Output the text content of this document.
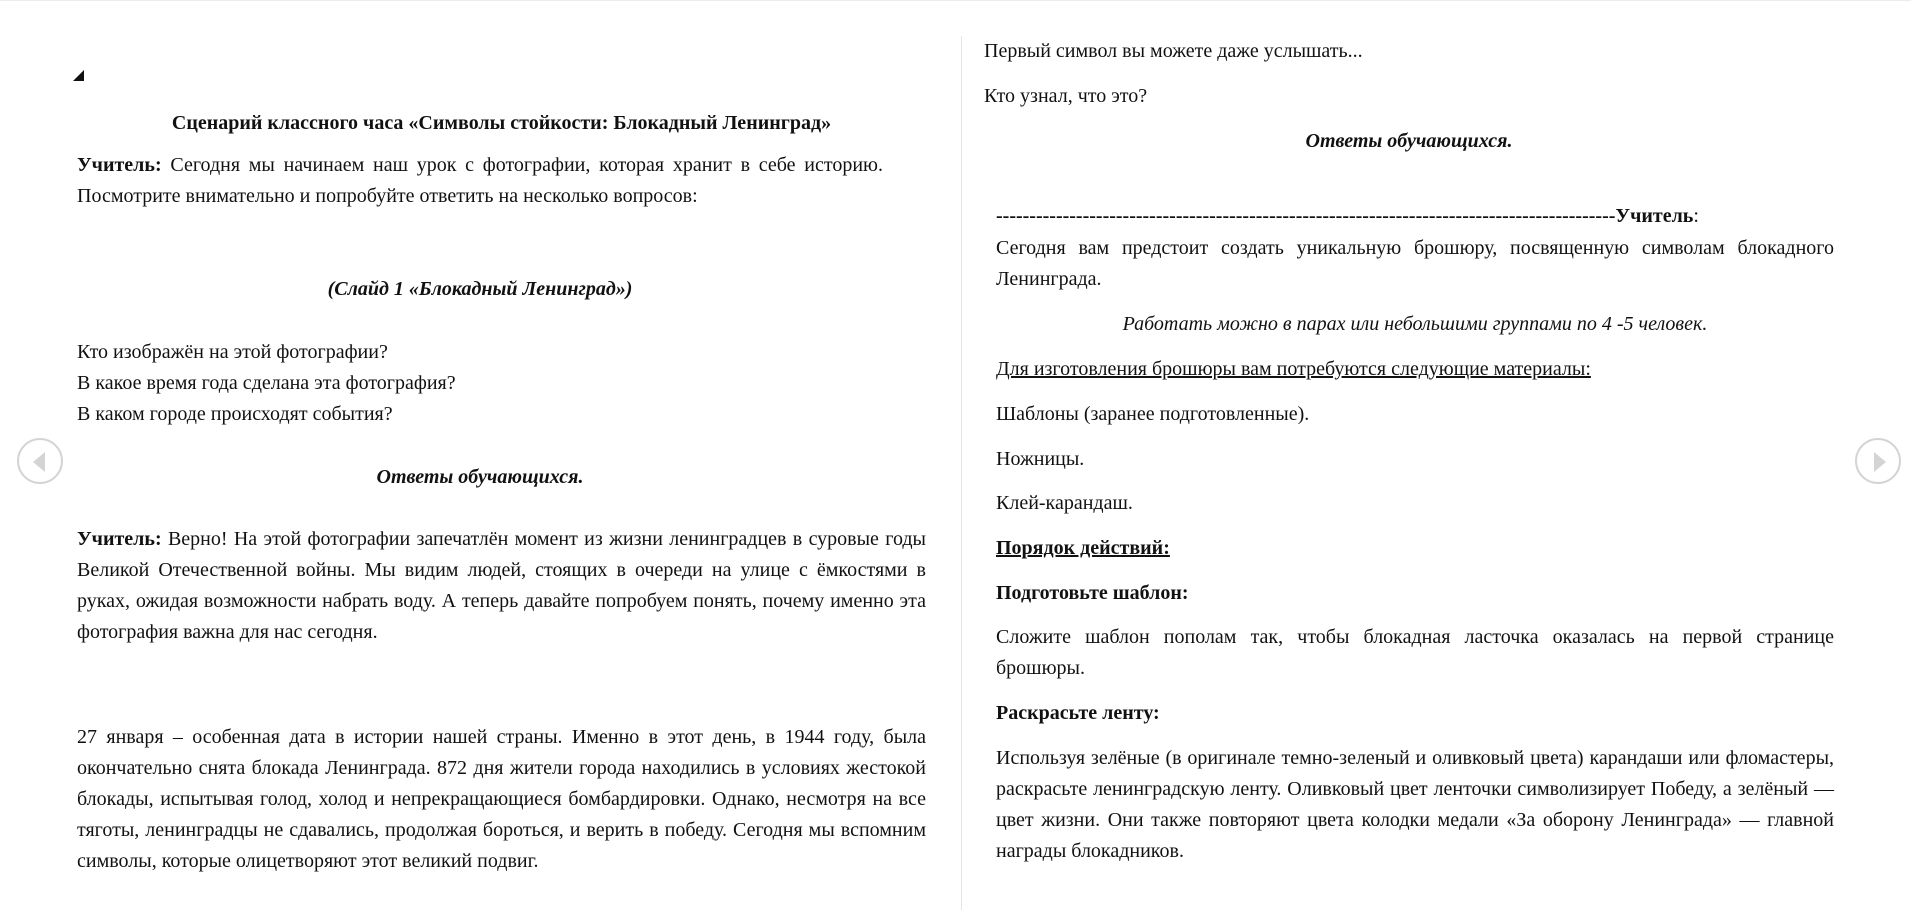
Сценарий классного часа «Символы стойкости: Блокадный Ленинград»

Учитель: Сегодня мы начинаем наш урок с фотографии, которая хранит в себе историю. Посмотрите внимательно и попробуйте ответить на несколько вопросов:

(Слайд 1 «Блокадный Ленинград»)
Кто изображён на этой фотографии?
В какое время года сделана эта фотография?
В каком городе происходят события?
Ответы обучающихся.

Учитель: Верно! На этой фотографии запечатлён момент из жизни ленинградцев в суровые годы Великой Отечественной войны. Мы видим людей, стоящих в очереди на улице с ёмкостями в руках, ожидая возможности набрать воду. А теперь давайте попробуем понять, почему именно эта фотография важна для нас сегодня.

27 января – особенная дата в истории нашей страны. Именно в этот день, в 1944 году, была окончательно снята блокада Ленинграда. 872 дня жители города находились в условиях жестокой блокады, испытывая голод, холод и непрекращающиеся бомбардировки. Однако, несмотря на все тяготы, ленинградцы не сдавались, продолжая бороться, и верить в победу. Сегодня мы вспомним символы, которые олицетворяют этот великий подвиг.

Первый символ вы можете даже услышать...
Кто узнал, что это?
Ответы обучающихся.
---------------------------------------------------------------------------------------------Учитель:

Сегодня вам предстоит создать уникальную брошюру, посвященную символам блокадного Ленинграда.

Работать можно в парах или небольшими группами по 4 -5 человек.
Для изготовления брошюры вам потребуются следующие материалы:
Шаблоны (заранее подготовленные).
Ножницы.
Клей-карандаш.
Порядок действий:
Подготовьте шаблон:

Сложите шаблон пополам так, чтобы блокадная ласточка оказалась на первой странице брошюры.

Раскрасьте ленту:

Используя зелёные (в оригинале темно-зеленый и оливковый цвета) карандаши или фломастеры, раскрасьте ленинградскую ленту. Оливковый цвет ленточки символизирует Победу, а зелёный — цвет жизни. Они также повторяют цвета колодки медали «За оборону Ленинграда» — главной награды блокадников.
